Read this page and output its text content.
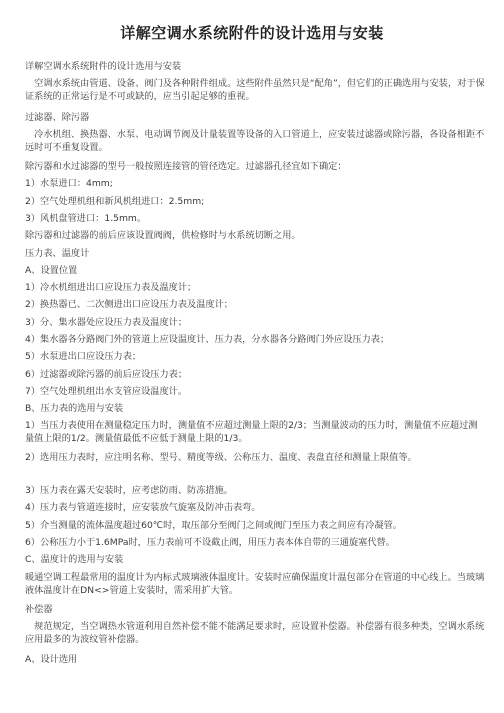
详解空调水系统附件的设计选用与安装
详解空调水系统附件的设计选用与安装
　空调水系统由管道、设备、阀门及各种附件组成。这些附件虽然只是“配角”，但它们的正确选用与安装，对于保证系统的正常运行是不可或缺的，应当引起足够的重视。
过滤器、除污器
　冷水机组、换热器、水泵、电动调节阀及计量装置等设备的入口管道上，应安装过滤器或除污器，各设备相距不远时可不重复设置。
除污器和水过滤器的型号一般按照连接管的管径选定。过滤器孔径宜如下确定：
1）水泵进口：4mm;
2）空气处理机组和新风机组进口：2.5mm;
3）风机盘管进口：1.5mm。
除污器和过滤器的前后应该设置阀阀，供检修时与水系统切断之用。
压力表、温度计
A、设置位置
1）冷水机组进出口应设压力表及温度计；
2）换热器已、二次侧进出口应设压力表及温度计；
3）分、集水器处应设压力表及温度计；
4）集水器各分路阀门外的管道上应设温度计、压力表，分水器各分路阀门外应设压力表；
5）水泵进出口应设压力表；
6）过滤器或除污器的前后应设压力表；
7）空气处理机组出水支管应设温度计。
B、压力表的选用与安装
1）当压力表使用在测量稳定压力时，测量值不应超过测量上限的2/3；当测量波动的压力时，测量值不应超过测量值上限的1/2。测量值最低不应低于测量上限的1/3。
2）选用压力表时，应注明名称、型号、精度等级、公称压力、温度、表盘直径和测量上限值等。
3）压力表在露天安装时，应考虑防雨、防冻措施。
4）压力表与管道连接时，应安装放气旋塞及防冲击表弯。
5）介当测量的流体温度超过60℃时，取压部分至阀门之间或阀门至压力表之间应有冷凝管。
6）公称压力小于1.6MPa时，压力表前可不设截止阀，用压力表本体自带的三通旋塞代替。
C、温度计的选用与安装
暖通空调工程最常用的温度计为内标式玻璃液体温度计。安装时应确保温度计温包部分在管道的中心线上。当玻璃液体温度计在DN<>管道上安装时，需采用扩大管。
补偿器
　规范规定，当空调热水管道利用自然补偿不能不能满足要求时，应设置补偿器。补偿器有很多种类，空调水系统应用最多的为波纹管补偿器。
A、设计选用
